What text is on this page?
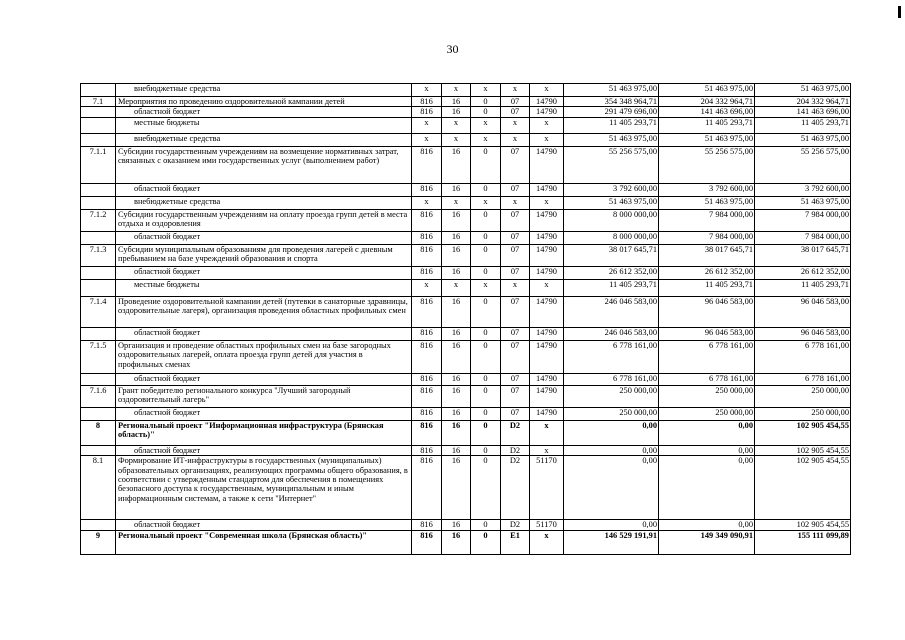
30
	внебюджетные средства	x	x	x	x	x	51 463 975,00	51 463 975,00	51 463 975,00
7.1	Мероприятия по проведению оздоровительной кампании детей	816	16	0	07	14790	354 348 964,71	204 332 964,71	204 332 964,71
	областной бюджет	816	16	0	07	14790	291 479 696,00	141 463 696,00	141 463 696,00
	местные бюджеты	x	x	x	x	x	11 405 293,71	11 405 293,71	11 405 293,71
	внебюджетные средства	x	x	x	x	x	51 463 975,00	51 463 975,00	51 463 975,00
7.1.1	Субсидии государственным учреждениям на возмещение нормативных затрат, связанных с оказанием ими государственных услуг (выполнением работ)	816	16	0	07	14790	55 256 575,00	55 256 575,00	55 256 575,00
	областной бюджет	816	16	0	07	14790	3 792 600,00	3 792 600,00	3 792 600,00
	внебюджетные средства	x	x	x	x	x	51 463 975,00	51 463 975,00	51 463 975,00
7.1.2	Субсидии государственным учреждениям на оплату проезда групп детей в места отдыха и оздоровления	816	16	0	07	14790	8 000 000,00	7 984 000,00	7 984 000,00
	областной бюджет	816	16	0	07	14790	8 000 000,00	7 984 000,00	7 984 000,00
7.1.3	Субсидии муниципальным образованиям для проведения лагерей с дневным пребыванием на базе учреждений образования и спорта	816	16	0	07	14790	38 017 645,71	38 017 645,71	38 017 645,71
	областной бюджет	816	16	0	07	14790	26 612 352,00	26 612 352,00	26 612 352,00
	местные бюджеты	x	x	x	x	x	11 405 293,71	11 405 293,71	11 405 293,71
7.1.4	Проведение оздоровительной кампании детей (путевки в санаторные здравницы, оздоровительные лагеря), организация проведения областных профильных смен	816	16	0	07	14790	246 046 583,00	96 046 583,00	96 046 583,00
	областной бюджет	816	16	0	07	14790	246 046 583,00	96 046 583,00	96 046 583,00
7.1.5	Организация и проведение областных профильных смен на базе загородных оздоровительных лагерей, оплата проезда групп детей для участия в профильных сменах	816	16	0	07	14790	6 778 161,00	6 778 161,00	6 778 161,00
	областной бюджет	816	16	0	07	14790	6 778 161,00	6 778 161,00	6 778 161,00
7.1.6	Грант победителю регионального конкурса "Лучший загородный оздоровительный лагерь"	816	16	0	07	14790	250 000,00	250 000,00	250 000,00
	областной бюджет	816	16	0	07	14790	250 000,00	250 000,00	250 000,00
8	Региональный проект "Информационная инфраструктура (Брянская область)"	816	16	0	D2	x	0,00	0,00	102 905 454,55
	областной бюджет	816	16	0	D2	x	0,00	0,00	102 905 454,55
8.1	Формирование ИТ-инфраструктуры в государственных (муниципальных) образовательных организациях, реализующих программы общего образования, в соответствии с утвержденным стандартом для обеспечения в помещениях безопасного доступа к государственным, муниципальным и иным информационным системам, а также к сети "Интернет"	816	16	0	D2	51170	0,00	0,00	102 905 454,55
	областной бюджет	816	16	0	D2	51170	0,00	0,00	102 905 454,55
9	Региональный проект "Современная школа (Брянская область)"	816	16	0	E1	x	146 529 191,91	149 349 090,91	155 111 099,89
